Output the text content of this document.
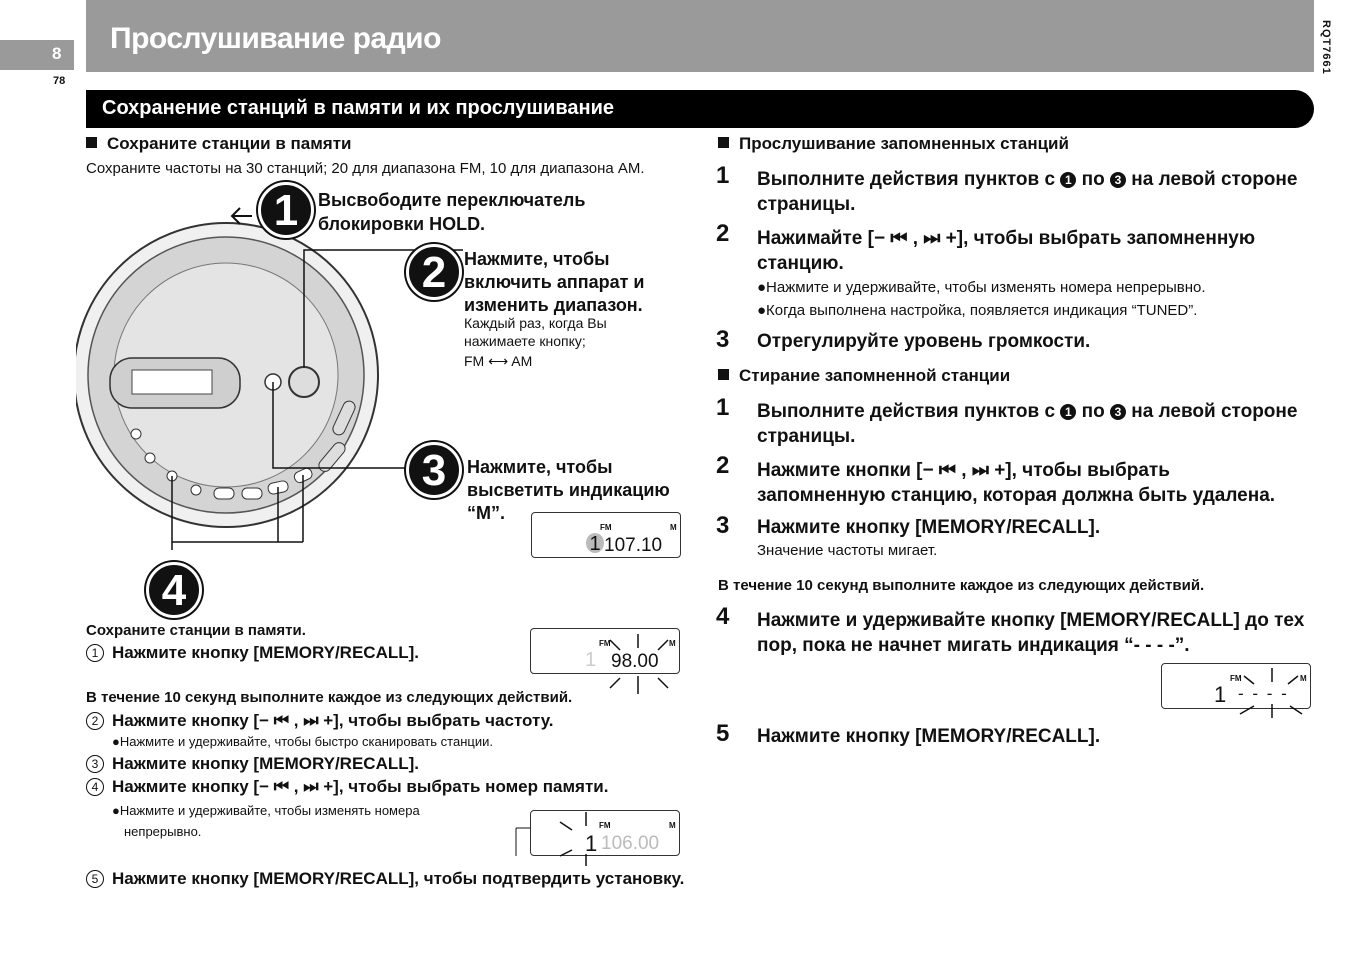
Прослушивание радио
8
78
RQT7661
Сохранение станций в памяти и их прослушивание
Сохраните станции в памяти
Сохраните частоты на 30 станций; 20 для диапазона FM, 10 для диапазона АМ.
1	Высвободите переключатель
блокировки HOLD.
2 Нажмите, чтобы
включить аппарат и
изменить диапазон.
Каждый раз, когда Вы
нажимаете кнопку;
FM ⟷ AM
3	Нажмите, чтобы
высветить индикацию
“M”.
4
FM	M
1 107.10
Сохраните станции в памяти.
1 Нажмите кнопку [MEMORY/RECALL].	FM	M
1 98.00
В течение 10 секунд выполните каждое из следующих действий.
2 Нажмите кнопку [− ⏮ , ⏭ +], чтобы выбрать частоту.
●Нажмите и удерживайте, чтобы быстро сканировать станции.
3 Нажмите кнопку [MEMORY/RECALL].
4 Нажмите кнопку [− ⏮ , ⏭ +], чтобы выбрать номер памяти.
●Нажмите и удерживайте, чтобы изменять номера
непрерывно.	FM	M
1 106.00
5 Нажмите кнопку [MEMORY/RECALL], чтобы подтвердить установку.
Прослушивание запомненных станций
1 Выполните действия пунктов с 1 по 3 на левой стороне
страницы.
2 Нажимайте [− ⏮ , ⏭ +], чтобы выбрать запомненную
станцию.
●Нажмите и удерживайте, чтобы изменять номера непрерывно.
●Когда выполнена настройка, появляется индикация “TUNED”.
3 Отрегулируйте уровень громкости.
Стирание запомненной станции
1 Выполните действия пунктов с 1 по 3 на левой стороне
страницы.
2 Нажмите кнопки [− ⏮ , ⏭ +], чтобы выбрать
запомненную станцию, которая должна быть удалена.
3 Нажмите кнопку [MEMORY/RECALL].
Значение частоты мигает.
В течение 10 секунд выполните каждое из следующих действий.
4 Нажмите и удерживайте кнопку [MEMORY/RECALL] до тех
пор, пока не начнет мигать индикация “- - - -”.
FM	M
1 - - - -
5 Нажмите кнопку [MEMORY/RECALL].
